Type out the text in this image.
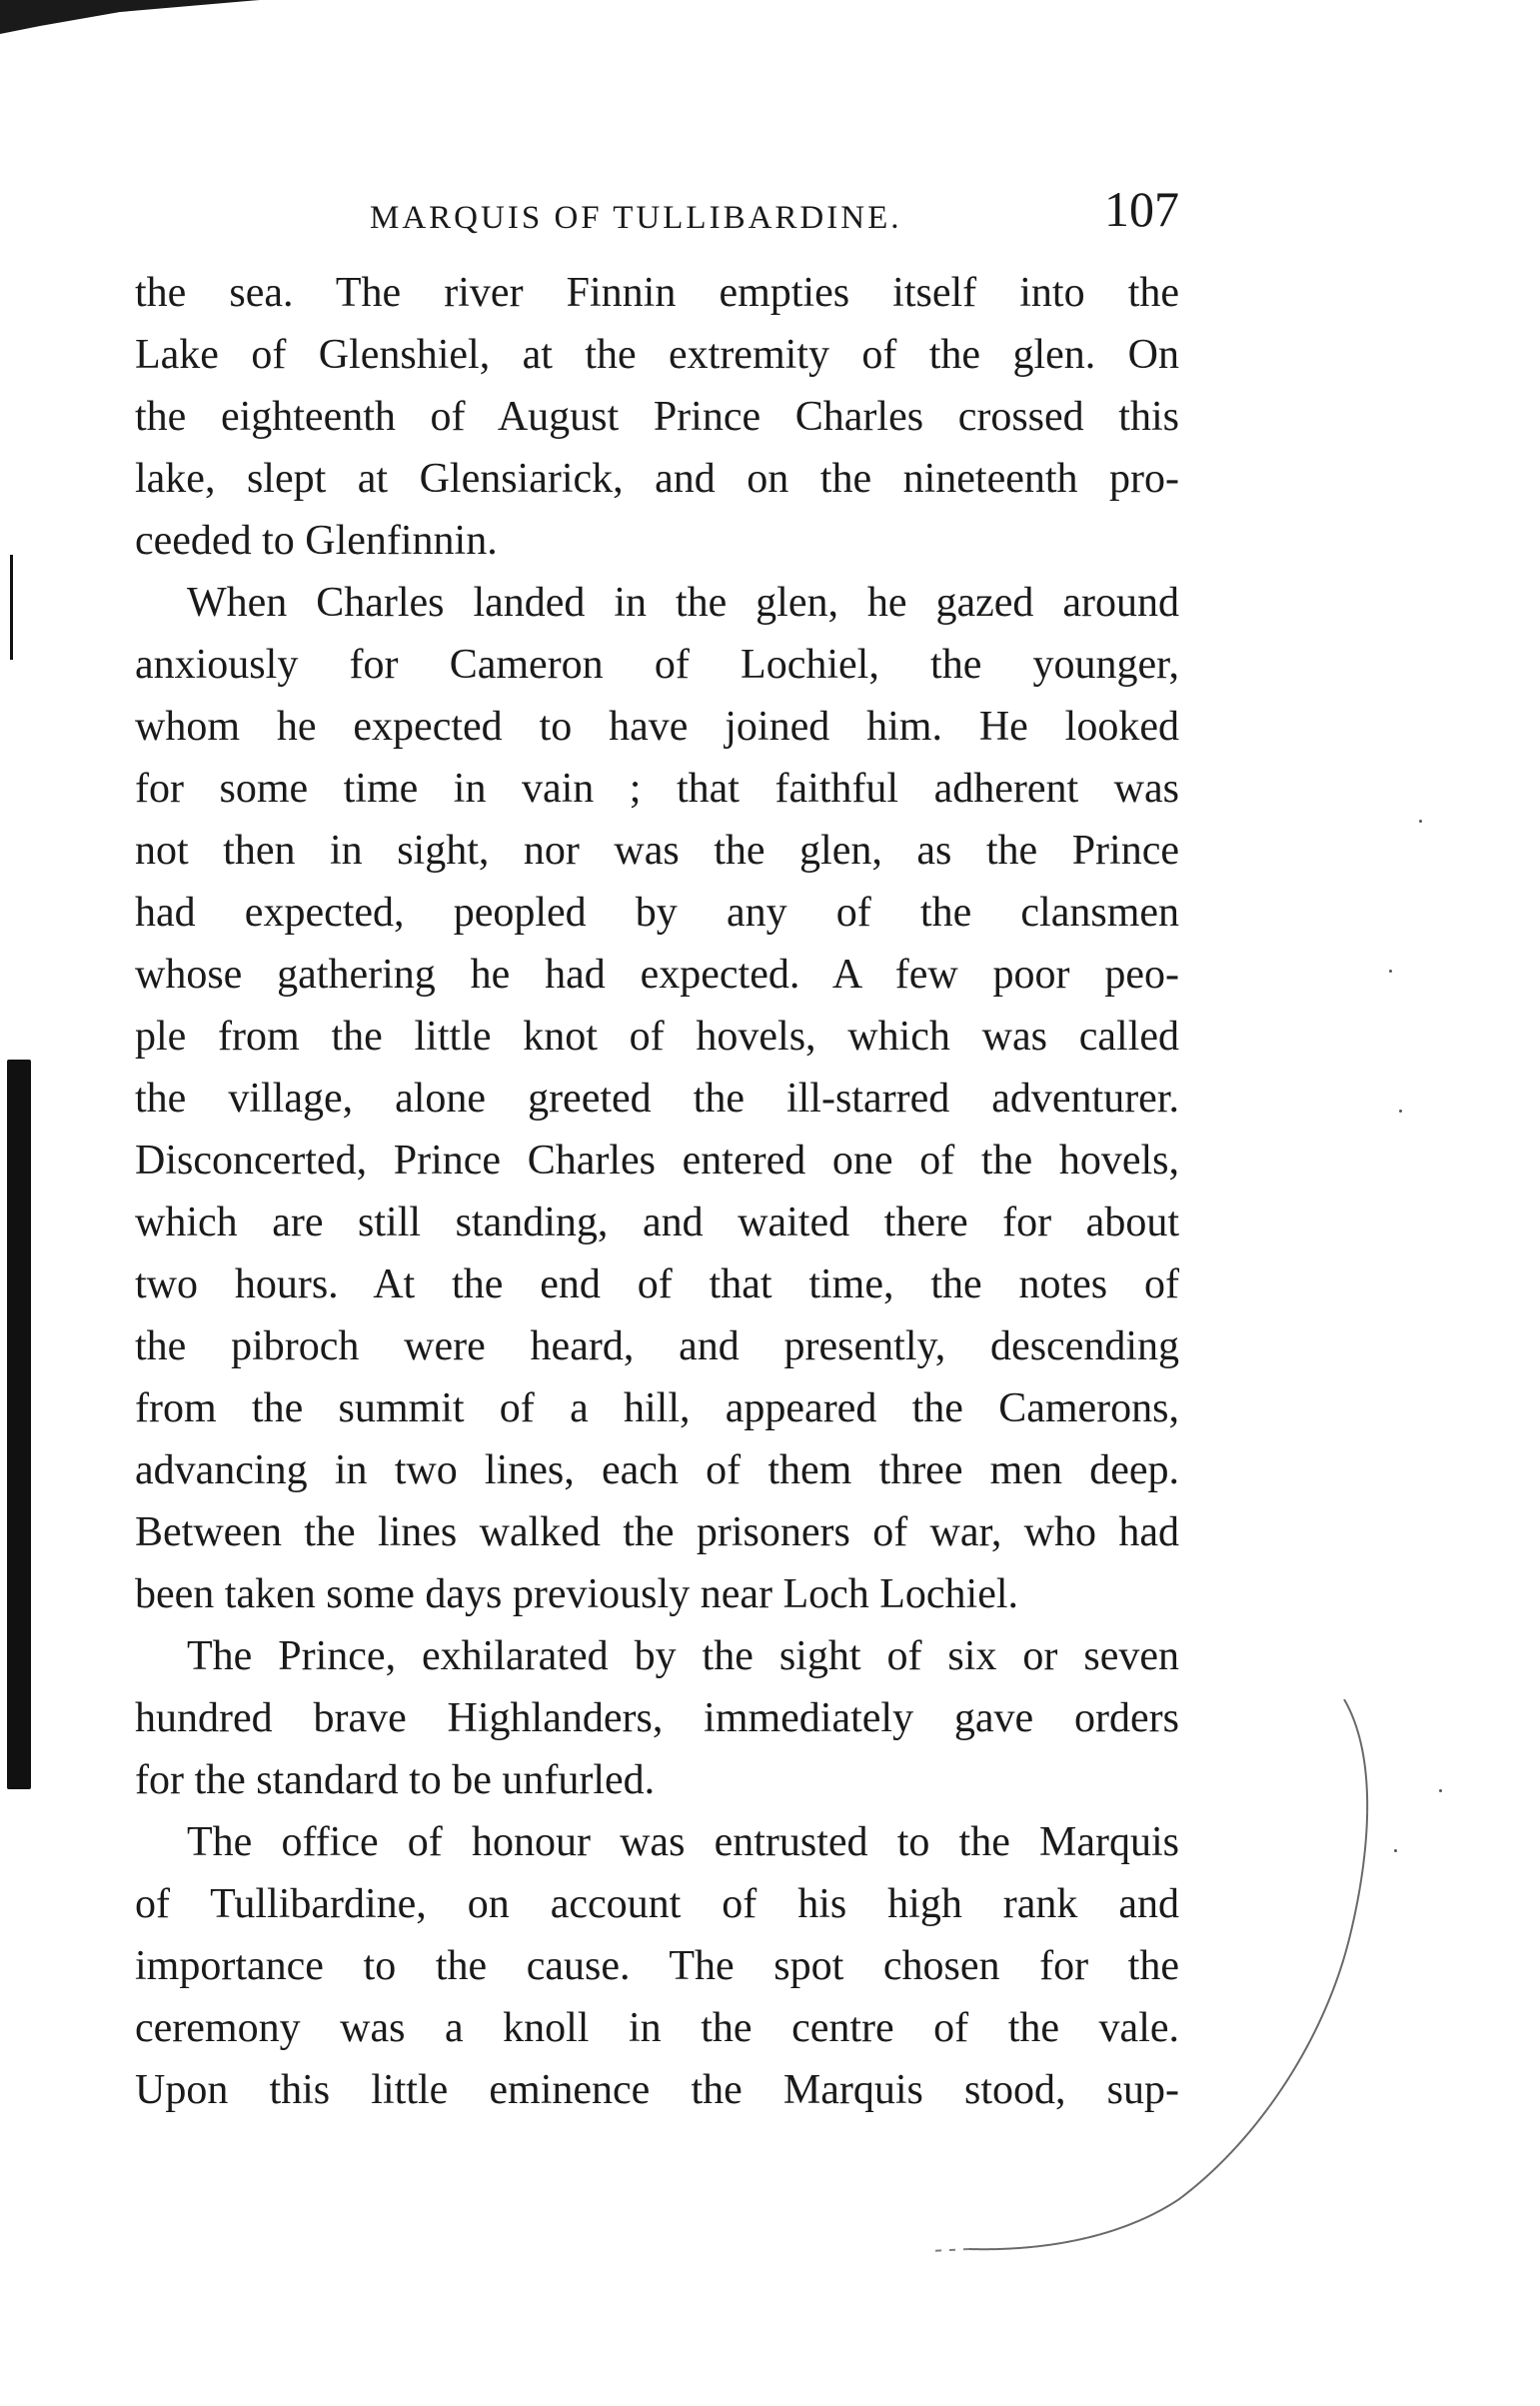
MARQUIS OF TULLIBARDINE.	107
the sea. The river Finnin empties itself into the
Lake of Glenshiel, at the extremity of the glen. On
the eighteenth of August Prince Charles crossed this
lake, slept at Glensiarick, and on the nineteenth pro-
ceeded to Glenfinnin.
When Charles landed in the glen, he gazed around
anxiously for Cameron of Lochiel, the younger,
whom he expected to have joined him. He looked
for some time in vain ; that faithful adherent was
not then in sight, nor was the glen, as the Prince
had expected, peopled by any of the clansmen
whose gathering he had expected. A few poor peo-
ple from the little knot of hovels, which was called
the village, alone greeted the ill-starred adventurer.
Disconcerted, Prince Charles entered one of the hovels,
which are still standing, and waited there for about
two hours. At the end of that time, the notes of
the pibroch were heard, and presently, descending
from the summit of a hill, appeared the Camerons,
advancing in two lines, each of them three men deep.
Between the lines walked the prisoners of war, who had
been taken some days previously near Loch Lochiel.
The Prince, exhilarated by the sight of six or seven
hundred brave Highlanders, immediately gave orders
for the standard to be unfurled.
The office of honour was entrusted to the Marquis
of Tullibardine, on account of his high rank and
importance to the cause. The spot chosen for the
ceremony was a knoll in the centre of the vale.
Upon this little eminence the Marquis stood, sup-
